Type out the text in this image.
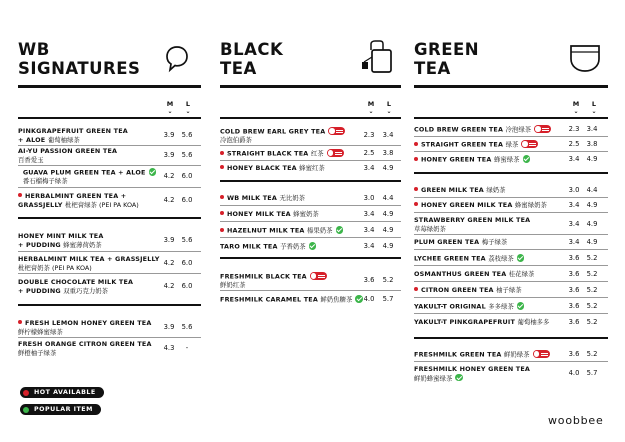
WB
SIGNATURES
M	L
⌄	⌄
PINKGRAPEFRUIT GREEN TEA
+ ALOE 葡萄柚绿茶
3.9	5.6
AI-YU PASSION GREEN TEA
百香爱玉
3.9	5.6
GUAVA PLUM GREEN TEA + ALOE
番石榴梅子绿茶
4.2	6.0
HERBALMINT GREEN TEA +
GRASSJELLY 枇杷膏绿茶 (PEI PA KOA)
4.2	6.0
HONEY MINT MILK TEA
+ PUDDING 蜂蜜薄荷奶茶
3.9	5.6
HERBALMINT MILK TEA + GRASSJELLY
枇杷膏奶茶 (PEI PA KOA)
4.2	6.0
DOUBLE CHOCOLATE MILK TEA
+ PUDDING 双重巧克力奶茶
4.2	6.0
FRESH LEMON HONEY GREEN TEA
鲜柠檬蜂蜜绿茶
3.9	5.6
FRESH ORANGE CITRON GREEN TEA
鲜橙柚子绿茶
4.3	-
BLACK
TEA
M	L
⌄	⌄
COLD BREW EARL GREY TEA
冷泡伯爵茶
2.3	3.4
STRAIGHT BLACK TEA 红茶	2.5	3.8
HONEY BLACK TEA 蜂蜜红茶	3.4	4.9
WB MILK TEA 无比奶茶	3.0	4.4
HONEY MILK TEA 蜂蜜奶茶	3.4	4.9
HAZELNUT MILK TEA 榛果奶茶	3.4	4.9
TARO MILK TEA 芋香奶茶	3.4	4.9
FRESHMILK BLACK TEA
鲜奶红茶
3.6	5.2
FRESHMILK CARAMEL TEA 鲜奶焦糖茶	4.0	5.7
GREEN
TEA
M	L
⌄	⌄
COLD BREW GREEN TEA 冷泡绿茶	2.3	3.4
STRAIGHT GREEN TEA 绿茶	2.5	3.8
HONEY GREEN TEA 蜂蜜绿茶	3.4	4.9
GREEN MILK TEA 绿奶茶	3.0	4.4
HONEY GREEN MILK TEA 蜂蜜绿奶茶	3.4	4.9
STRAWBERRY GREEN MILK TEA
草莓绿奶茶
3.4	4.9
PLUM GREEN TEA 梅子绿茶	3.4	4.9
LYCHEE GREEN TEA 荔枝绿茶	3.6	5.2
OSMANTHUS GREEN TEA 桂花绿茶	3.6	5.2
CITRON GREEN TEA 柚子绿茶	3.6	5.2
YAKULT-T ORIGINAL 多多绿茶	3.6	5.2
YAKULT-T PINKGRAPEFRUIT 葡萄柚多多	3.6	5.2
FRESHMILK GREEN TEA 鲜奶绿茶	3.6	5.2
FRESHMILK HONEY GREEN TEA
鲜奶蜂蜜绿茶
4.0	5.7
HOT AVAILABLE
POPULAR ITEM
woobbee
